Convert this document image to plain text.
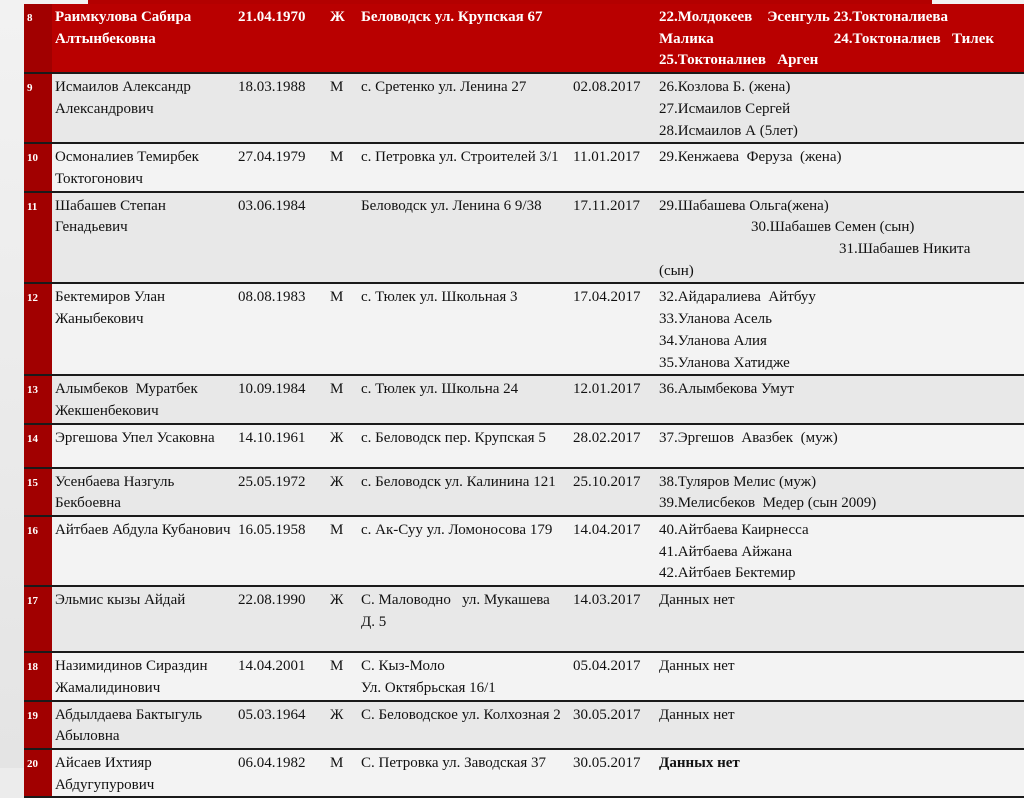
8	Раимкулова Сабира Алтынбековна	21.04.1970	Ж	Беловодск ул. Крупская 67		22.Молдокеев    Эсенгуль 23.Токтоналиева
Малика                                24.Токтоналиев   Тилек
25.Токтоналиев   Арген

9	Исмаилов Александр Александрович	18.03.1988	М	с. Сретенко ул. Ленина 27	02.08.2017	26.Козлова Б. (жена)
27.Исмаилов Сергей
28.Исмаилов А (5лет)

10	Осмоналиев Темирбек Токтогонович	27.04.1979	М	с. Петровка ул. Строителей 3/1	11.01.2017	29.Кенжаева  Феруза  (жена)

11	Шабашев Степан Генадьевич	03.06.1984		Беловодск ул. Ленина 6 9/38	17.11.2017	29.Шабашева Ольга(жена)
30.Шабашев Семен (сын)
31.Шабашев Никита
(сын)

12	Бектемиров Улан Жаныбекович	08.08.1983	М	с. Тюлек ул. Школьная 3	17.04.2017	32.Айдаралиева  Айтбуу
33.Уланова Асель
34.Уланова Алия
35.Уланова Хатидже

13	Алымбеков  Муратбек Жекшенбекович	10.09.1984	М	с. Тюлек ул. Школьна 24	12.01.2017	36.Алымбекова Умут

14	Эргешова Упел Усаковна	14.10.1961	Ж	с. Беловодск пер. Крупская 5	28.02.2017	37.Эргешов  Авазбек  (муж)

15	Усенбаева Назгуль Бекбоевна	25.05.1972	Ж	с. Беловодск ул. Калинина 121	25.10.2017	38.Туляров Мелис (муж)
39.Мелисбеков  Медер (сын 2009)

16	Айтбаев Абдула Кубанович	16.05.1958	М	с. Ак-Суу ул. Ломоносова 179	14.04.2017	40.Айтбаева Каирнесса
41.Айтбаева Айжана
42.Айтбаев Бектемир

17	Эльмис кызы Айдай	22.08.1990	Ж	С. Маловодно   ул. Мукашева
Д. 5	14.03.2017	Данных нет

18	Назимидинов Сираздин Жамалидинович	14.04.2001	М	С. Кыз-Моло
Ул. Октябрьская 16/1	05.04.2017	Данных нет

19	Абдылдаева Бактыгуль Абыловна	05.03.1964	Ж	С. Беловодское ул. Колхозная 2	30.05.2017	Данных нет

20	Айсаев Ихтияр Абдугупурович	06.04.1982	М	С. Петровка ул. Заводская 37	30.05.2017	Данных нет
